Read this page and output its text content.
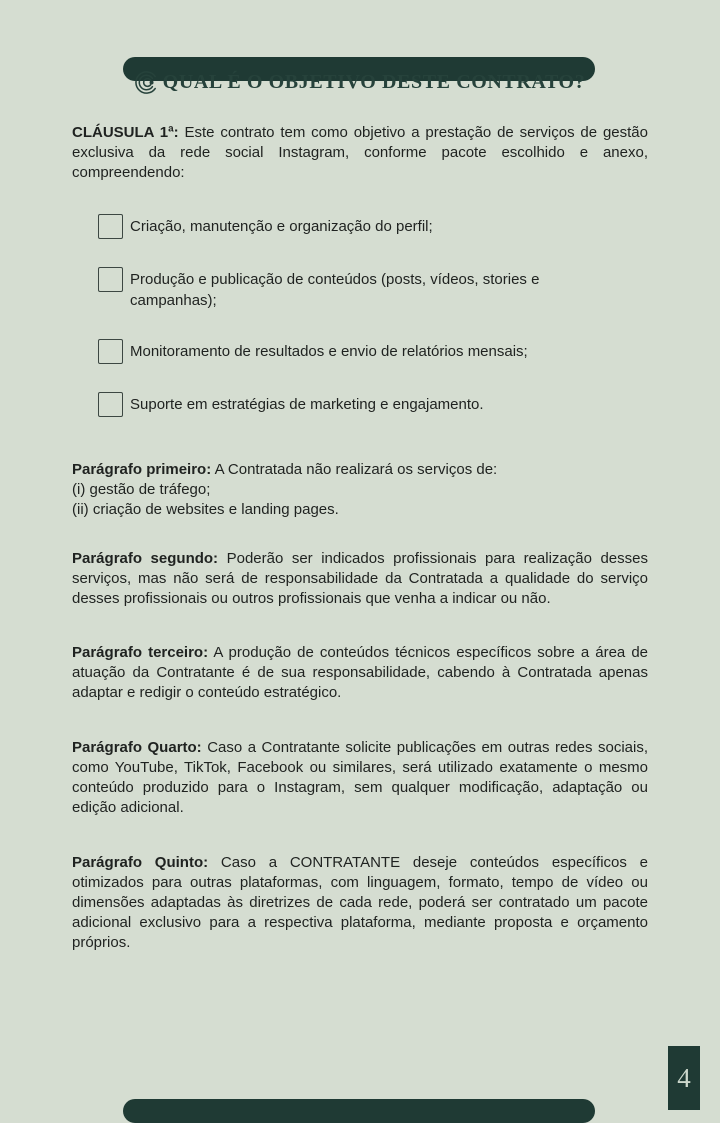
QUAL É O OBJETIVO DESTE CONTRATO?

CLÁUSULA 1ª: Este contrato tem como objetivo a prestação de serviços de gestão exclusiva da rede social Instagram, conforme pacote escolhido e anexo, compreendendo:

Criação, manutenção e organização do perfil;
Produção e publicação de conteúdos (posts, vídeos, stories e campanhas);
Monitoramento de resultados e envio de relatórios mensais;
Suporte em estratégias de marketing e engajamento.

Parágrafo primeiro: A Contratada não realizará os serviços de:

(i) gestão de tráfego;

(ii) criação de websites e landing pages.

Parágrafo segundo: Poderão ser indicados profissionais para realização desses serviços, mas não será de responsabilidade da Contratada a qualidade do serviço desses profissionais ou outros profissionais que venha a indicar ou não.

Parágrafo terceiro: A produção de conteúdos técnicos específicos sobre a área de atuação da Contratante é de sua responsabilidade, cabendo à Contratada apenas adaptar e redigir o conteúdo estratégico.

Parágrafo Quarto: Caso a Contratante solicite publicações em outras redes sociais, como YouTube, TikTok, Facebook ou similares, será utilizado exatamente o mesmo conteúdo produzido para o Instagram, sem qualquer modificação, adaptação ou edição adicional.

Parágrafo Quinto: Caso a CONTRATANTE deseje conteúdos específicos e otimizados para outras plataformas, com linguagem, formato, tempo de vídeo ou dimensões adaptadas às diretrizes de cada rede, poderá ser contratado um pacote adicional exclusivo para a respectiva plataforma, mediante proposta e orçamento próprios.

4
